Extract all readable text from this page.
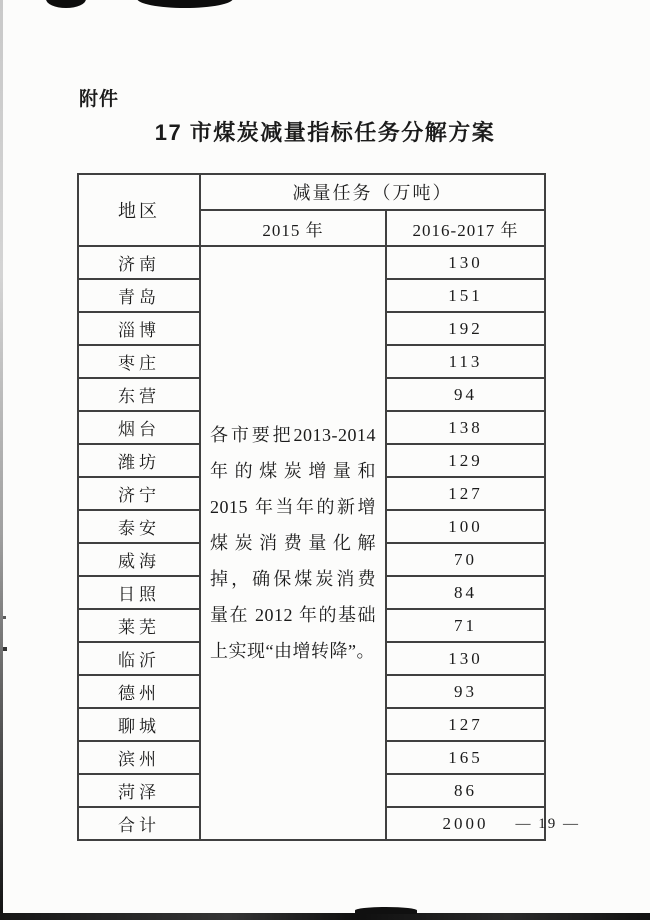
附件
17 市煤炭减量指标任务分解方案
地区	减量任务（万吨）	
	2015 年	2016-2017 年
济南	各市要把2013-2014年的煤炭增量和 2015 年当年的新增煤炭消费量化解掉，确保煤炭消费量在 2012 年的基础上实现“由增转降”。	130
青岛		151
淄博		192
枣庄		113
东营		94
烟台		138
潍坊		129
济宁		127
泰安		100
威海		70
日照		84
莱芜		71
临沂		130
德州		93
聊城		127
滨州		165
菏泽		86
合计		2000 — 19 —
